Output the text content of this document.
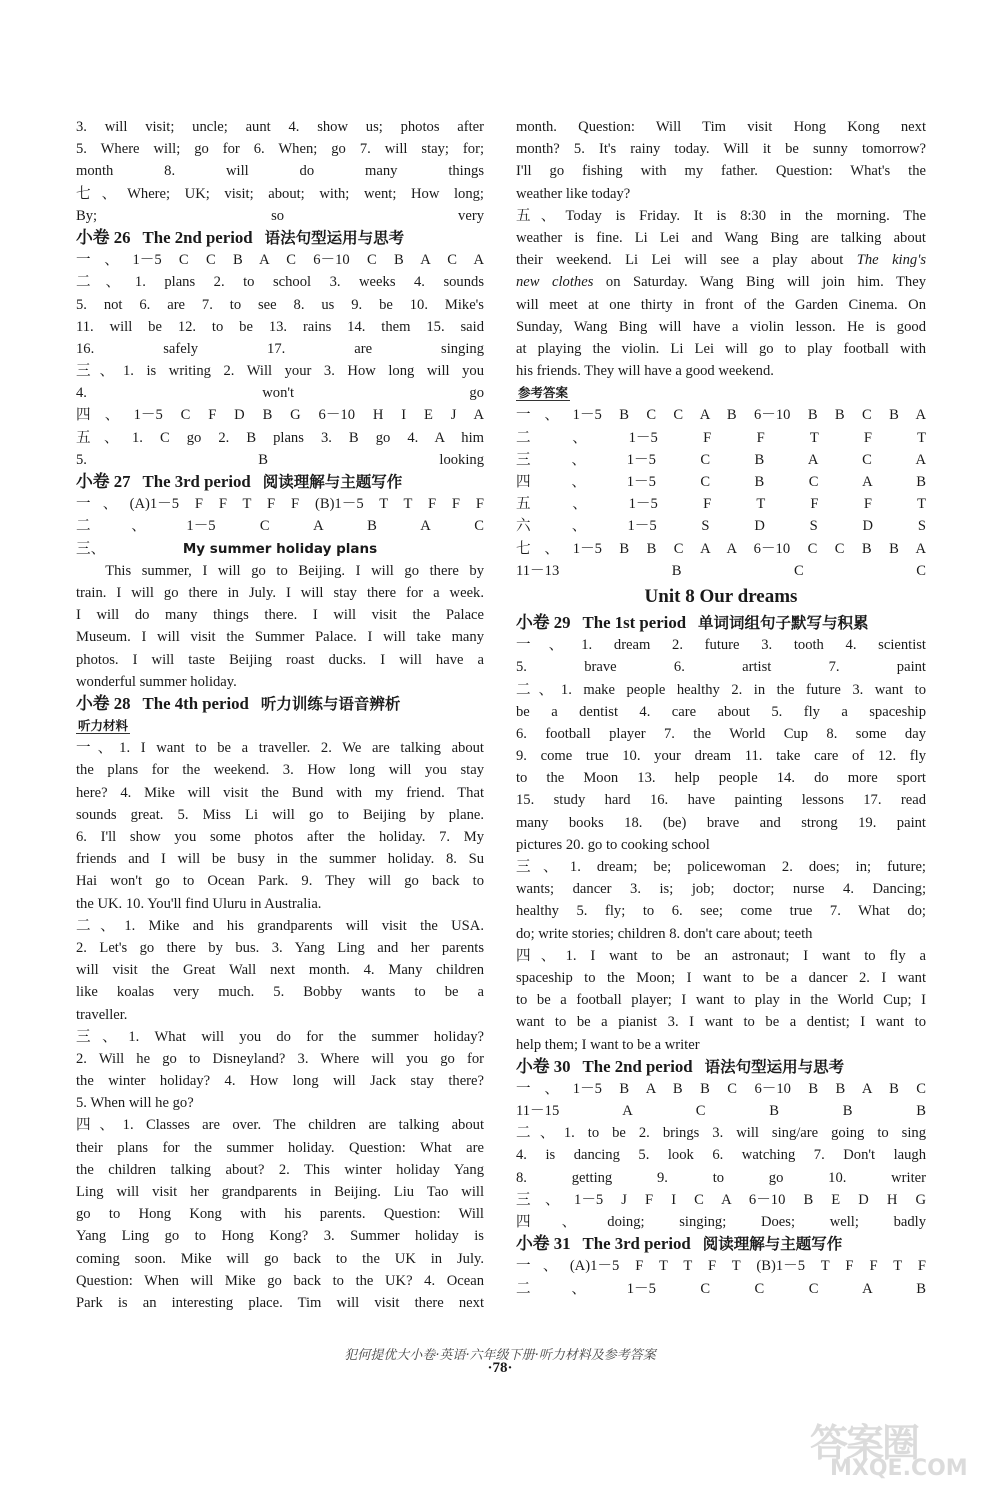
3. will visit; uncle; aunt 4. show us; photos after
5. Where will; go for 6. When; go 7. will stay; for;
month 8. will do many things
七、Where; UK; visit; about; with; went; How long;
By; so very
小卷 26 The 2nd period 语法句型运用与思考
一、1－5 C C B A C 6－10 C B A C A
二、1. plans 2. to school 3. weeks 4. sounds
5. not 6. are 7. to see 8. us 9. be 10. Mike's
11. will be 12. to be 13. rains 14. them 15. said
16. safely 17. are singing
三、1. is writing 2. Will your 3. How long will you
4. won't go
四、1－5 C F D B G 6－10 H I E J A
五、1. C go 2. B plans 3. B go 4. A him
5. B looking
小卷 27 The 3rd period 阅读理解与主题写作
一、(A)1－5 F F T F F (B)1－5 T T F F F
二、1－5 C A B A C
三、	My summer holiday plans
This summer, I will go to Beijing. I will go there by
train. I will go there in July. I will stay there for a week.
I will do many things there. I will visit the Palace
Museum. I will visit the Summer Palace. I will take many
photos. I will taste Beijing roast ducks. I will have a
wonderful summer holiday.
小卷 28 The 4th period 听力训练与语音辨析
听力材料
一、1. I want to be a traveller. 2. We are talking about
the plans for the weekend. 3. How long will you stay
here? 4. Mike will visit the Bund with my friend. That
sounds great. 5. Miss Li will go to Beijing by plane.
6. I'll show you some photos after the holiday. 7. My
friends and I will be busy in the summer holiday. 8. Su
Hai won't go to Ocean Park. 9. They will go back to
the UK. 10. You'll find Uluru in Australia.
二、1. Mike and his grandparents will visit the USA.
2. Let's go there by bus. 3. Yang Ling and her parents
will visit the Great Wall next month. 4. Many children
like koalas very much. 5. Bobby wants to be a
traveller.
三、1. What will you do for the summer holiday?
2. Will he go to Disneyland? 3. Where will you go for
the winter holiday? 4. How long will Jack stay there?
5. When will he go?
四、1. Classes are over. The children are talking about
their plans for the summer holiday. Question: What are
the children talking about? 2. This winter holiday Yang
Ling will visit her grandparents in Beijing. Liu Tao will
go to Hong Kong with his parents. Question: Will
Yang Ling go to Hong Kong? 3. Summer holiday is
coming soon. Mike will go back to the UK in July.
Question: When will Mike go back to the UK? 4. Ocean
Park is an interesting place. Tim will visit there next
month. Question: Will Tim visit Hong Kong next
month? 5. It's rainy today. Will it be sunny tomorrow?
I'll go fishing with my father. Question: What's the
weather like today?
五、Today is Friday. It is 8:30 in the morning. The
weather is fine. Li Lei and Wang Bing are talking about
their weekend. Li Lei will see a play about The king's
new clothes on Saturday. Wang Bing will join him. They
will meet at one thirty in front of the Garden Cinema. On
Sunday, Wang Bing will have a violin lesson. He is good
at playing the violin. Li Lei will go to play football with
his friends. They will have a good weekend.
参考答案
一、1－5 B C C A B 6－10 B B C B A
二、1－5 F F T F T
三、1－5 C B A C A
四、1－5 C B C A B
五、1－5 F T F F T
六、1－5 S D S D S
七、1－5 B B C A A 6－10 C C B B A
11－13 B C C
Unit 8 Our dreams
小卷 29 The 1st period 单词词组句子默写与积累
一、1. dream 2. future 3. tooth 4. scientist
5. brave 6. artist 7. paint
二、1. make people healthy 2. in the future 3. want to
be a dentist 4. care about 5. fly a spaceship
6. football player 7. the World Cup 8. some day
9. come true 10. your dream 11. take care of 12. fly
to the Moon 13. help people 14. do more sport
15. study hard 16. have painting lessons 17. read
many books 18. (be) brave and strong 19. paint
pictures 20. go to cooking school
三、1. dream; be; policewoman 2. does; in; future;
wants; dancer 3. is; job; doctor; nurse 4. Dancing;
healthy 5. fly; to 6. see; come true 7. What do;
do; write stories; children 8. don't care about; teeth
四、1. I want to be an astronaut; I want to fly a
spaceship to the Moon; I want to be a dancer 2. I want
to be a football player; I want to play in the World Cup; I
want to be a pianist 3. I want to be a dentist; I want to
help them; I want to be a writer
小卷 30 The 2nd period 语法句型运用与思考
一、1－5 B A B B C 6－10 B B A B C
11－15 A C B B B
二、1. to be 2. brings 3. will sing/are going to sing
4. is dancing 5. look 6. watching 7. Don't laugh
8. getting 9. to go 10. writer
三、1－5 J F I C A 6－10 B E D H G
四、doing; singing; Does; well; badly
小卷 31 The 3rd period 阅读理解与主题写作
一、(A)1－5 F T T F T (B)1－5 T F F T F
二、1－5 C C C A B
犯何提优大小卷·英语·六年级下册·听力材料及参考答案
·78·
答案圈
MXQE.COM
